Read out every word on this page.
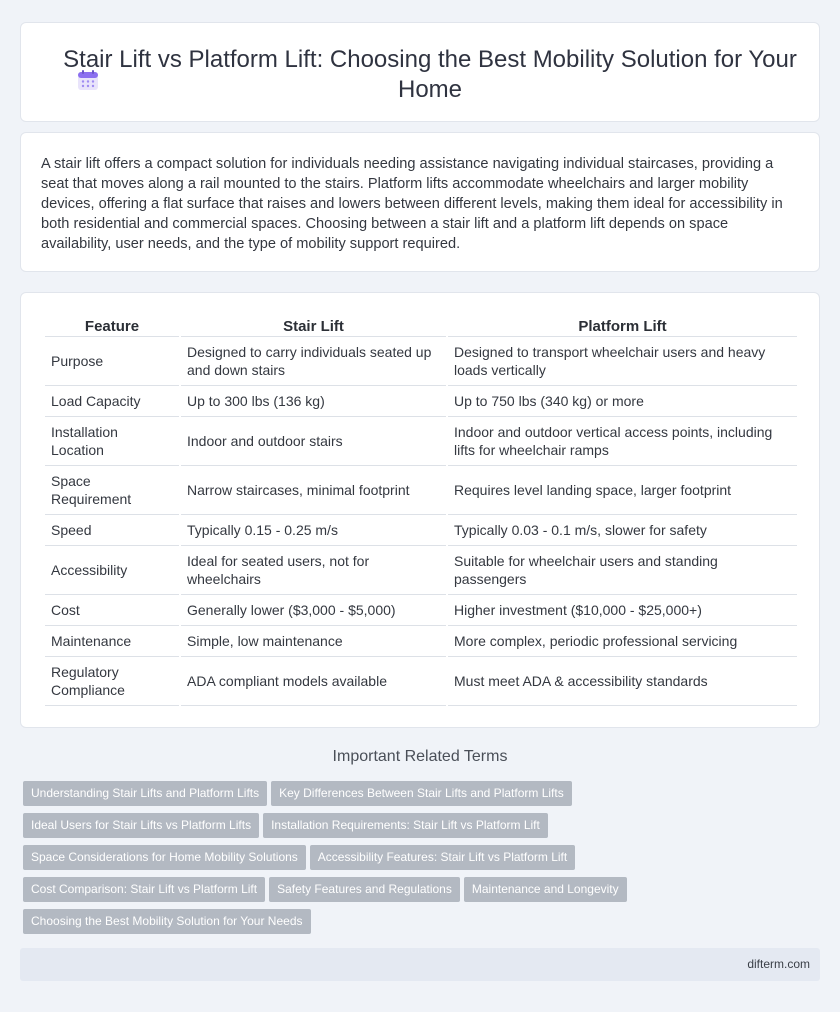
Stair Lift vs Platform Lift: Choosing the Best Mobility Solution for Your Home

A stair lift offers a compact solution for individuals needing assistance navigating individual staircases, providing a seat that moves along a rail mounted to the stairs. Platform lifts accommodate wheelchairs and larger mobility devices, offering a flat surface that raises and lowers between different levels, making them ideal for accessibility in both residential and commercial spaces. Choosing between a stair lift and a platform lift depends on space availability, user needs, and the type of mobility support required.

Feature	Stair Lift	Platform Lift
Purpose	Designed to carry individuals seated up and down stairs	Designed to transport wheelchair users and heavy loads vertically
Load Capacity	Up to 300 lbs (136 kg)	Up to 750 lbs (340 kg) or more
Installation Location	Indoor and outdoor stairs	Indoor and outdoor vertical access points, including lifts for wheelchair ramps
Space Requirement	Narrow staircases, minimal footprint	Requires level landing space, larger footprint
Speed	Typically 0.15 - 0.25 m/s	Typically 0.03 - 0.1 m/s, slower for safety
Accessibility	Ideal for seated users, not for wheelchairs	Suitable for wheelchair users and standing passengers
Cost	Generally lower ($3,000 - $5,000)	Higher investment ($10,000 - $25,000+)
Maintenance	Simple, low maintenance	More complex, periodic professional servicing
Regulatory Compliance	ADA compliant models available	Must meet ADA & accessibility standards
Important Related Terms
Understanding Stair Lifts and Platform Lifts Key Differences Between Stair Lifts and Platform Lifts
Ideal Users for Stair Lifts vs Platform Lifts Installation Requirements: Stair Lift vs Platform Lift
Space Considerations for Home Mobility Solutions Accessibility Features: Stair Lift vs Platform Lift
Cost Comparison: Stair Lift vs Platform Lift Safety Features and Regulations Maintenance and Longevity
Choosing the Best Mobility Solution for Your Needs
difterm.com
